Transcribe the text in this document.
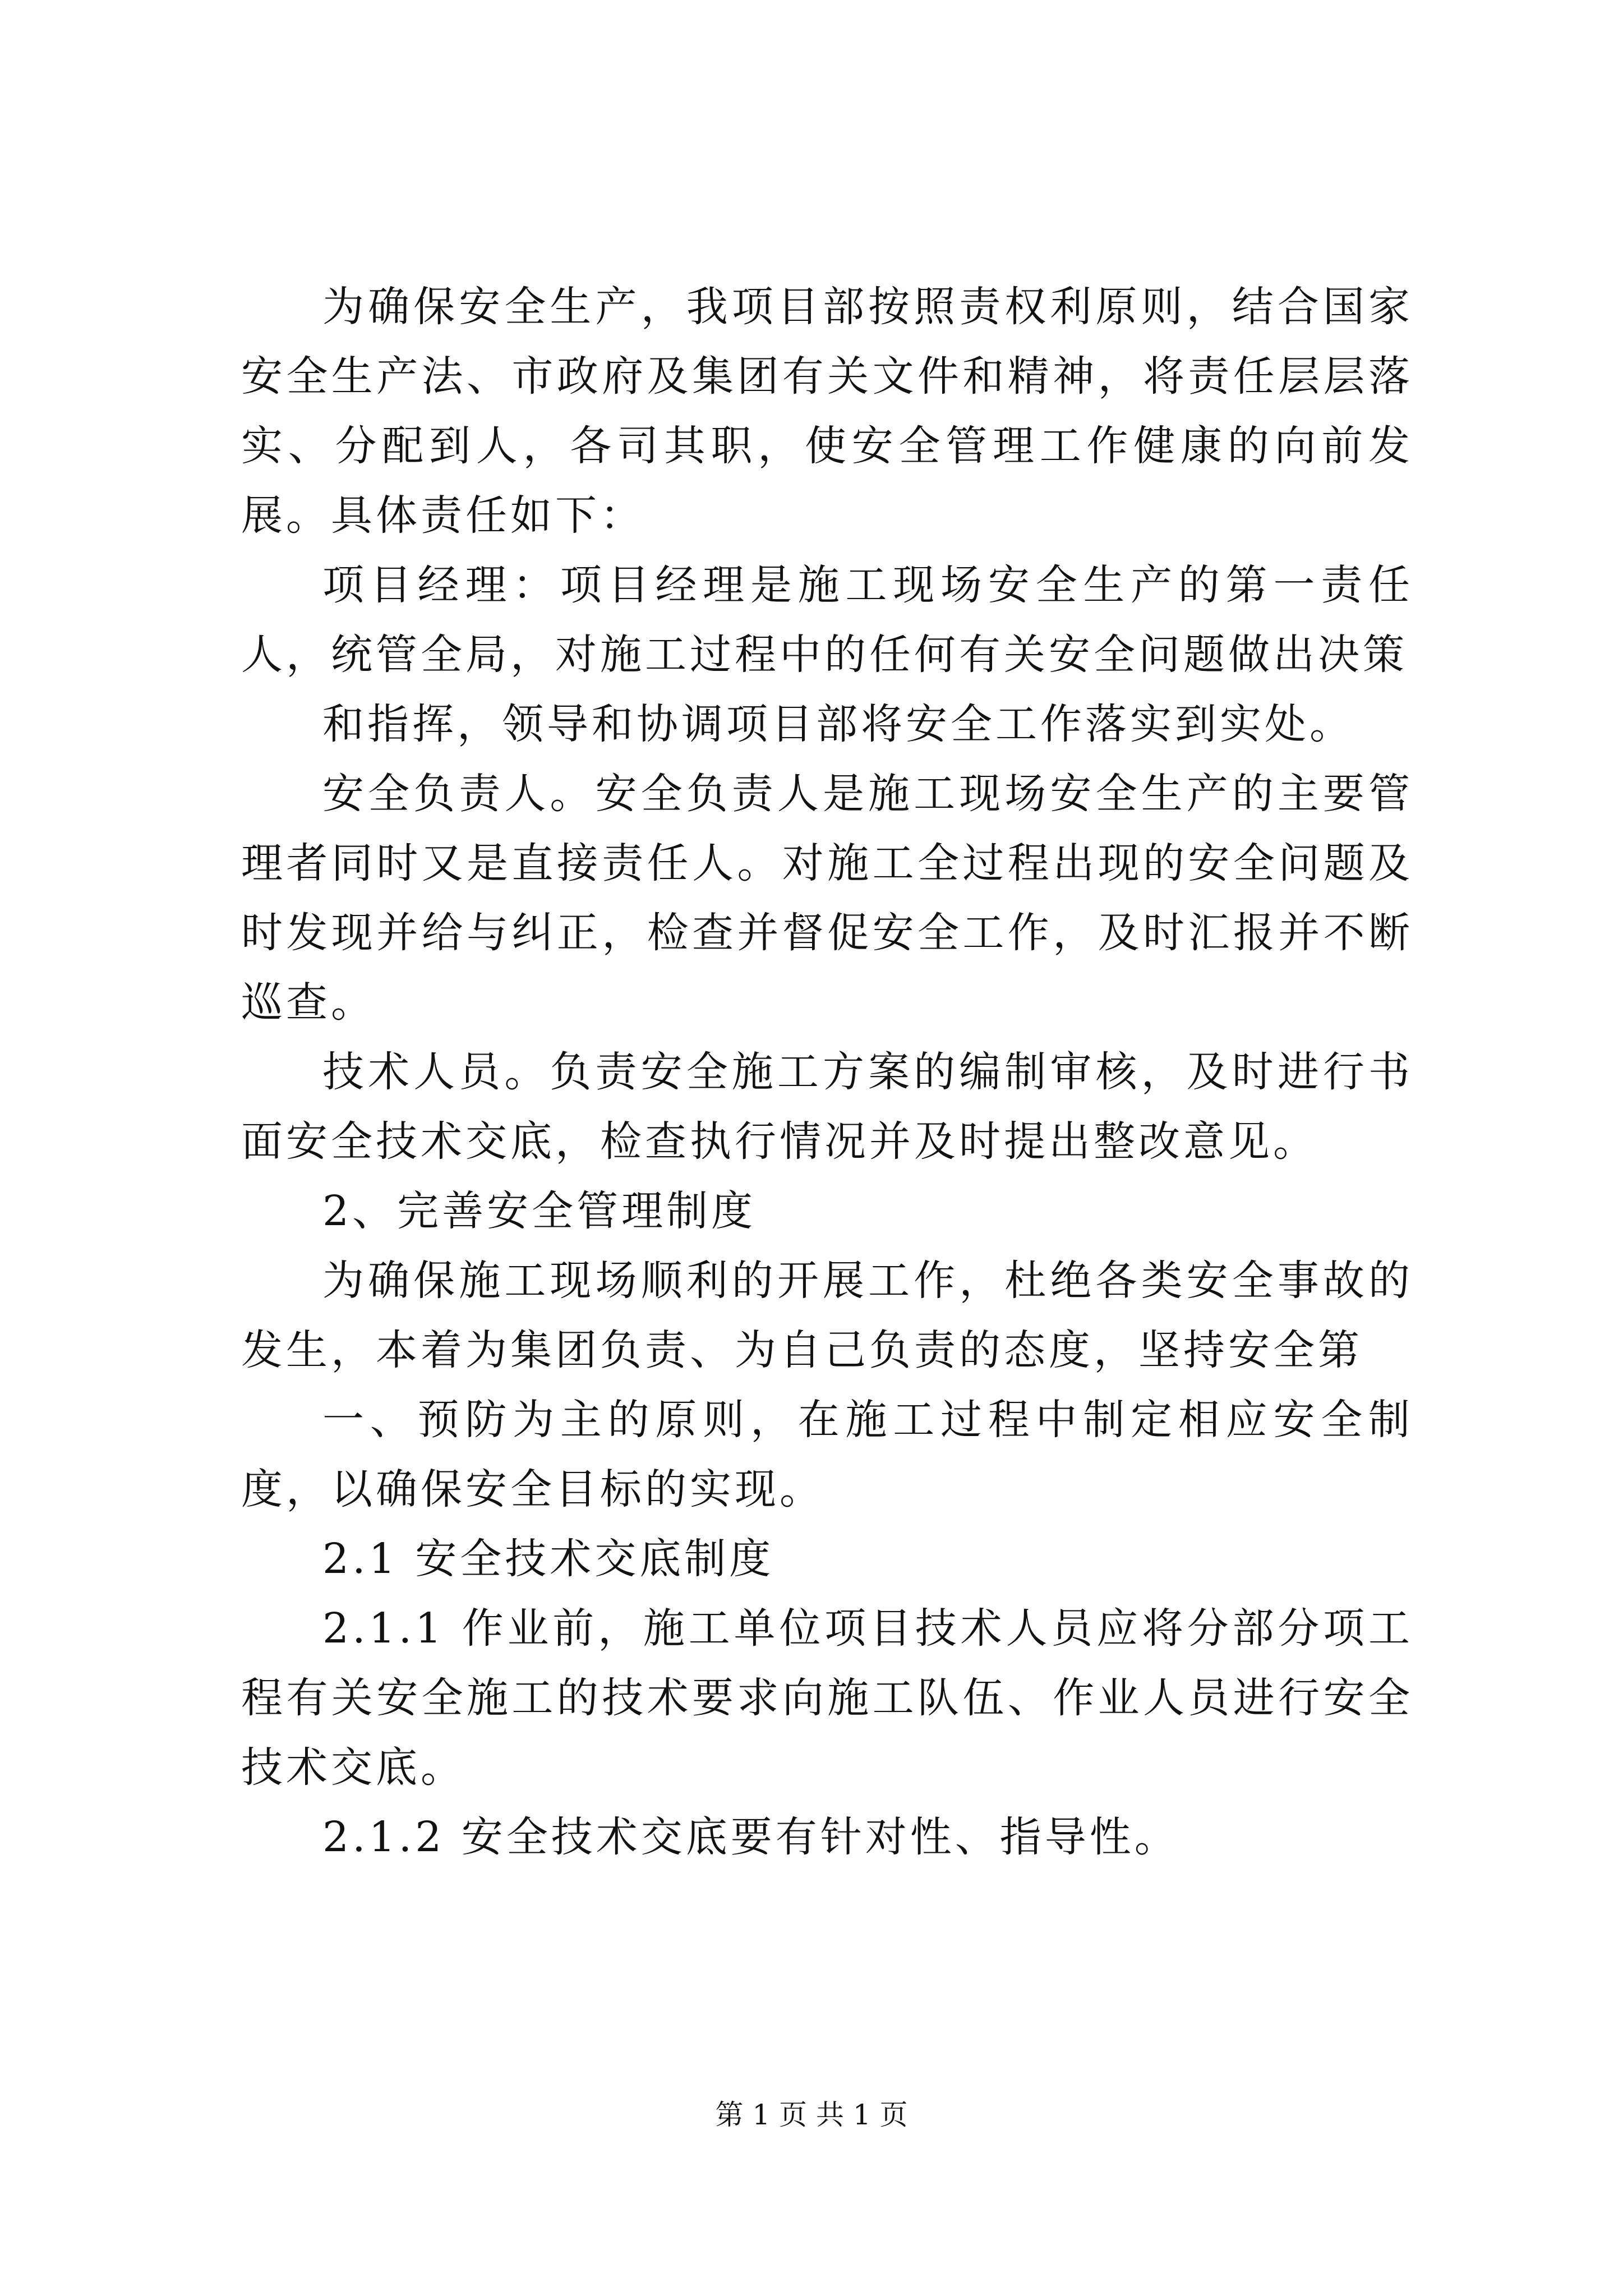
为确保安全生产，我项目部按照责权利原则，结合国家安全生产法、市政府及集团有关文件和精神，将责任层层落实、分配到人，各司其职，使安全管理工作健康的向前发展。具体责任如下：

项目经理：项目经理是施工现场安全生产的第一责任人，统管全局，对施工过程中的任何有关安全问题做出决策

和指挥，领导和协调项目部将安全工作落实到实处。

安全负责人。安全负责人是施工现场安全生产的主要管理者同时又是直接责任人。对施工全过程出现的安全问题及时发现并给与纠正，检查并督促安全工作，及时汇报并不断巡查。

技术人员。负责安全施工方案的编制审核，及时进行书面安全技术交底，检查执行情况并及时提出整改意见。

2、完善安全管理制度

为确保施工现场顺利的开展工作，杜绝各类安全事故的发生，本着为集团负责、为自己负责的态度，坚持安全第

一、预防为主的原则，在施工过程中制定相应安全制度，以确保安全目标的实现。

2.1 安全技术交底制度

2.1.1 作业前，施工单位项目技术人员应将分部分项工程有关安全施工的技术要求向施工队伍、作业人员进行安全技术交底。

2.1.2 安全技术交底要有针对性、指导性。

第 1 页 共 1 页
